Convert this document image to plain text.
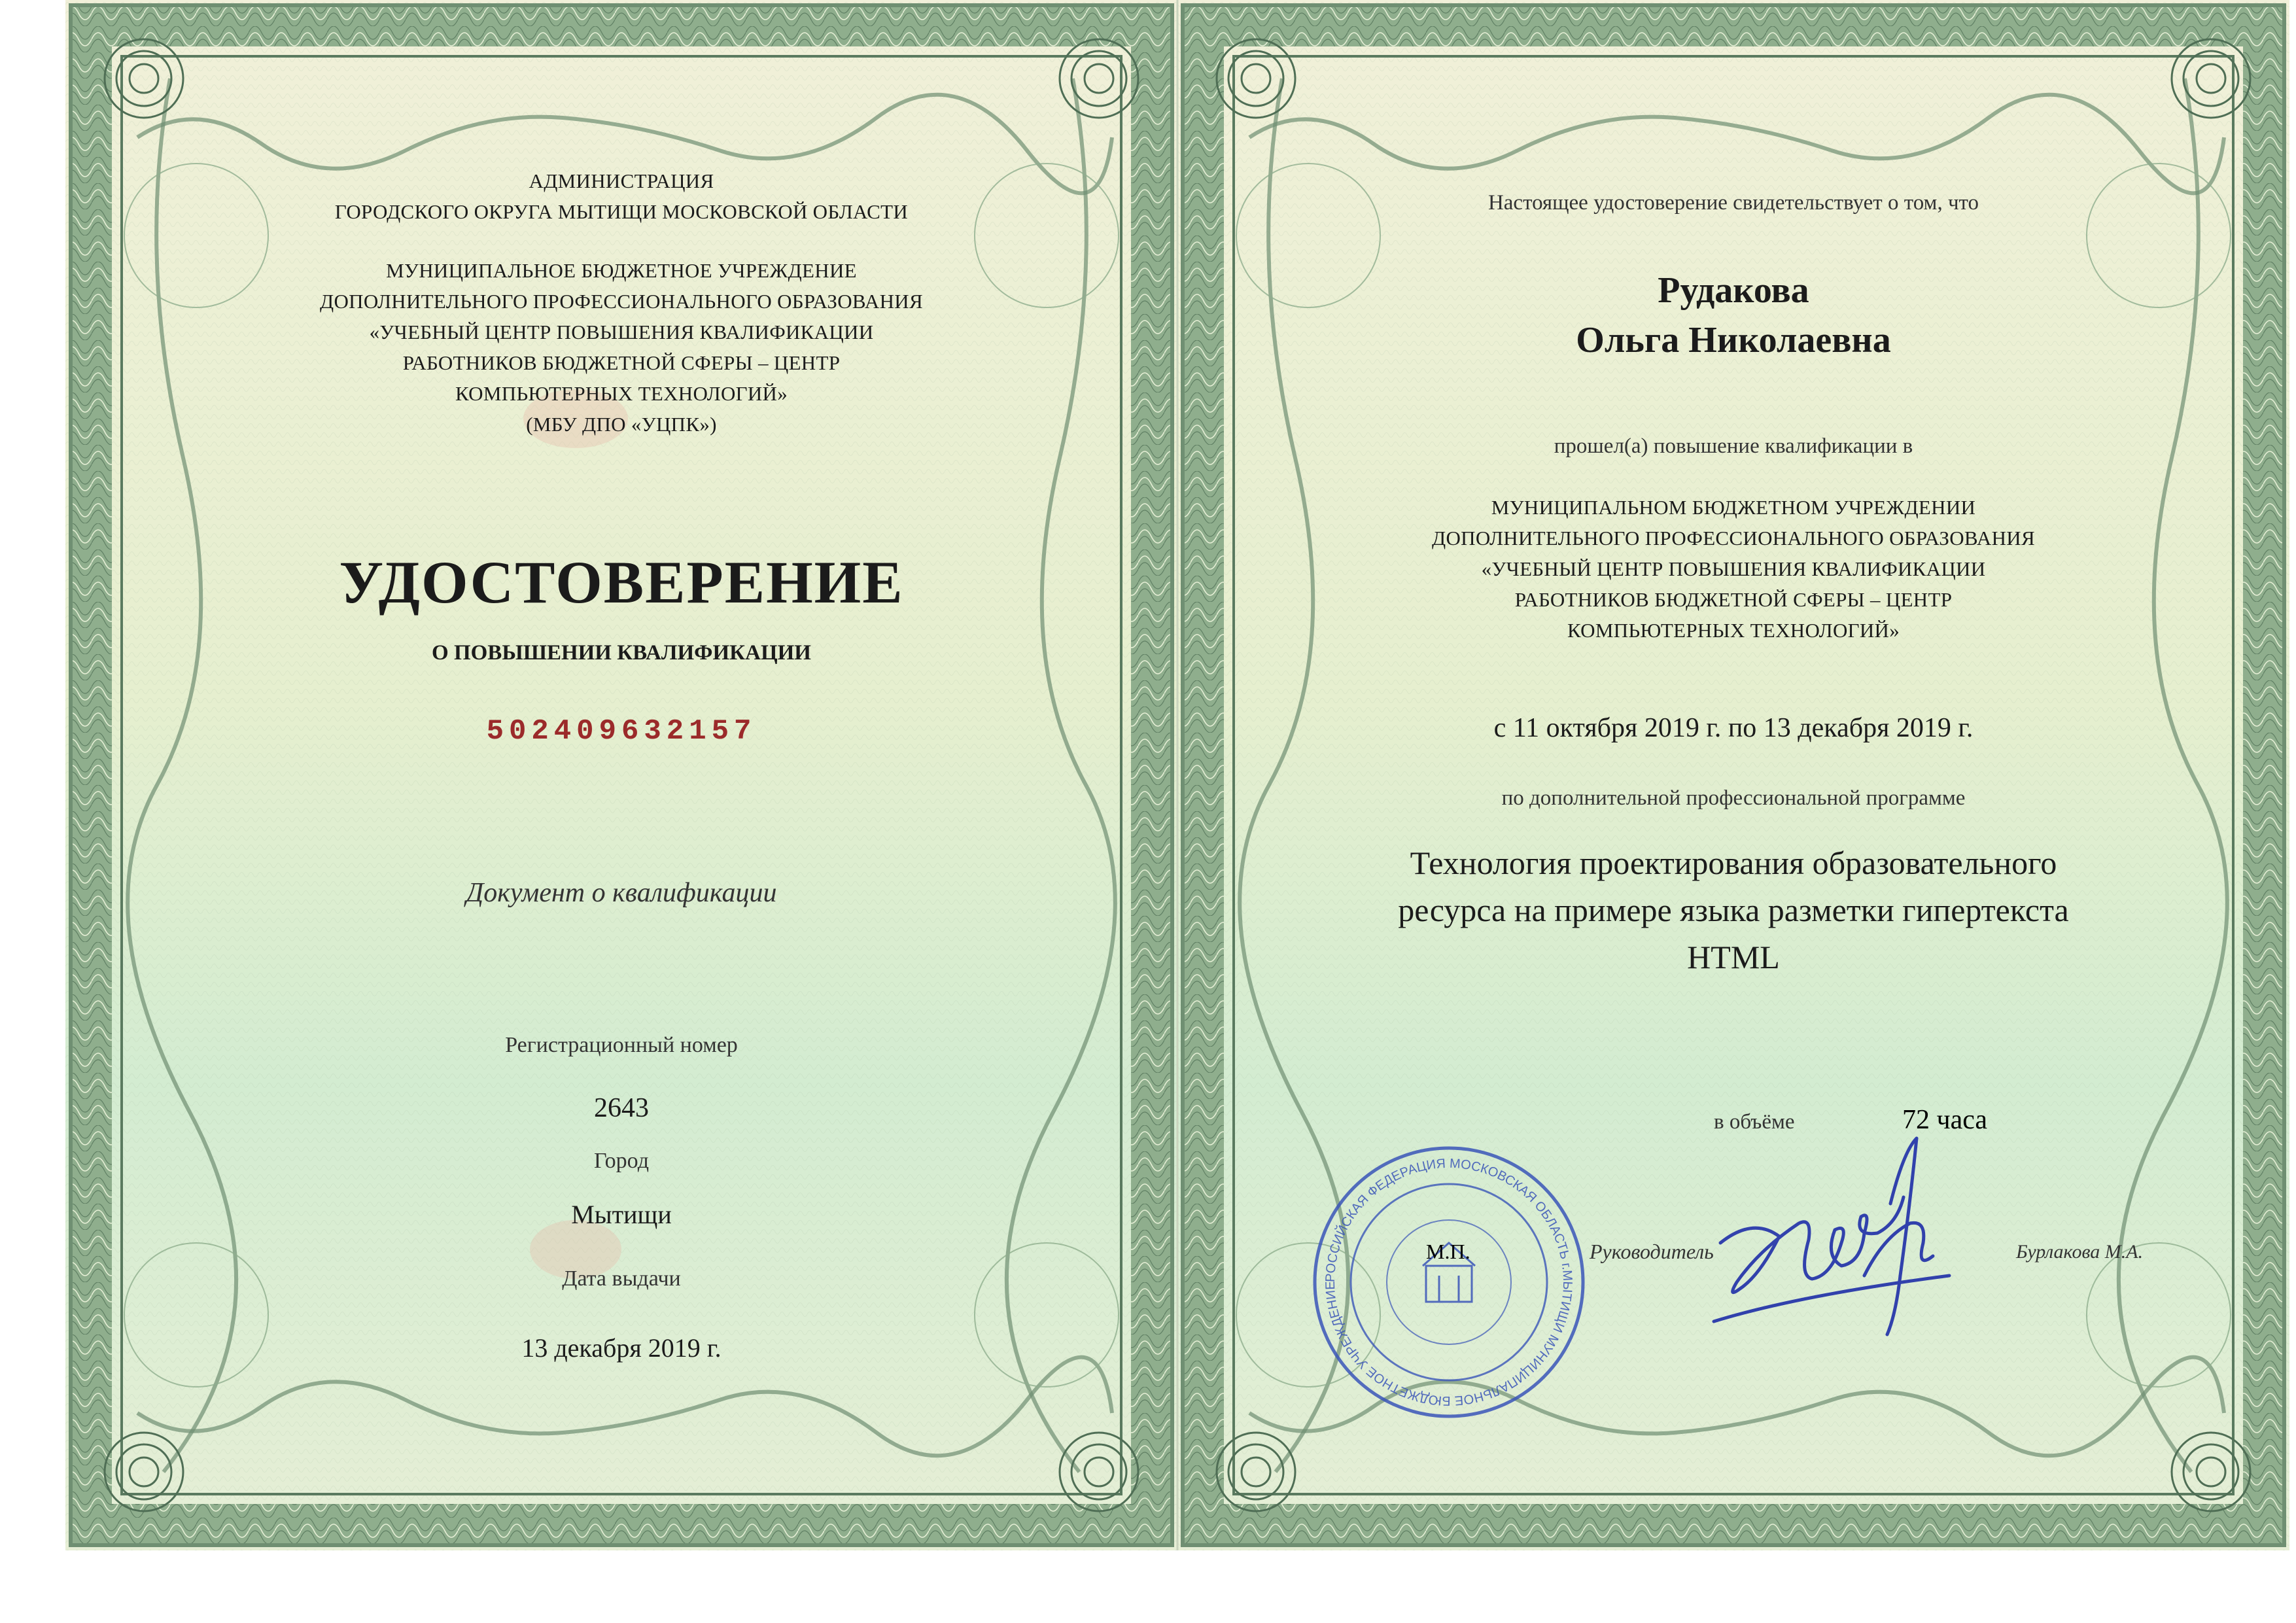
АДМИНИСТРАЦИЯ

ГОРОДСКОГО ОКРУГА МЫТИЩИ МОСКОВСКОЙ ОБЛАСТИ

МУНИЦИПАЛЬНОЕ БЮДЖЕТНОЕ УЧРЕЖДЕНИЕ

ДОПОЛНИТЕЛЬНОГО ПРОФЕССИОНАЛЬНОГО ОБРАЗОВАНИЯ

«УЧЕБНЫЙ ЦЕНТР ПОВЫШЕНИЯ КВАЛИФИКАЦИИ

РАБОТНИКОВ БЮДЖЕТНОЙ СФЕРЫ – ЦЕНТР

КОМПЬЮТЕРНЫХ ТЕХНОЛОГИЙ»

(МБУ ДПО «УЦПК»)

УДОСТОВЕРЕНИЕ

О ПОВЫШЕНИИ КВАЛИФИКАЦИИ

502409632157

Документ о квалификации

Регистрационный номер

2643

Город

Мытищи

Дата выдачи

13 декабря 2019 г.

Настоящее удостоверение свидетельствует о том, что

Рудакова

Ольга Николаевна

прошел(а) повышение квалификации в

МУНИЦИПАЛЬНОМ БЮДЖЕТНОМ УЧРЕЖДЕНИИ

ДОПОЛНИТЕЛЬНОГО ПРОФЕССИОНАЛЬНОГО ОБРАЗОВАНИЯ

«УЧЕБНЫЙ ЦЕНТР ПОВЫШЕНИЯ КВАЛИФИКАЦИИ

РАБОТНИКОВ БЮДЖЕТНОЙ СФЕРЫ – ЦЕНТР

КОМПЬЮТЕРНЫХ ТЕХНОЛОГИЙ»

с 11 октября 2019 г. по 13 декабря 2019 г.

по дополнительной профессиональной программе

Технология проектирования образовательного

ресурса на примере языка разметки гипертекста

HTML

в объёме	72 часа
РОССИЙСКАЯ ФЕДЕРАЦИЯ МОСКОВСКАЯ ОБЛАСТЬ г.МЫТИЩИ МУНИЦИПАЛЬНОЕ БЮДЖЕТНОЕ УЧРЕЖДЕНИЕ
М.П.	Руководитель	Бурлакова М.А.
